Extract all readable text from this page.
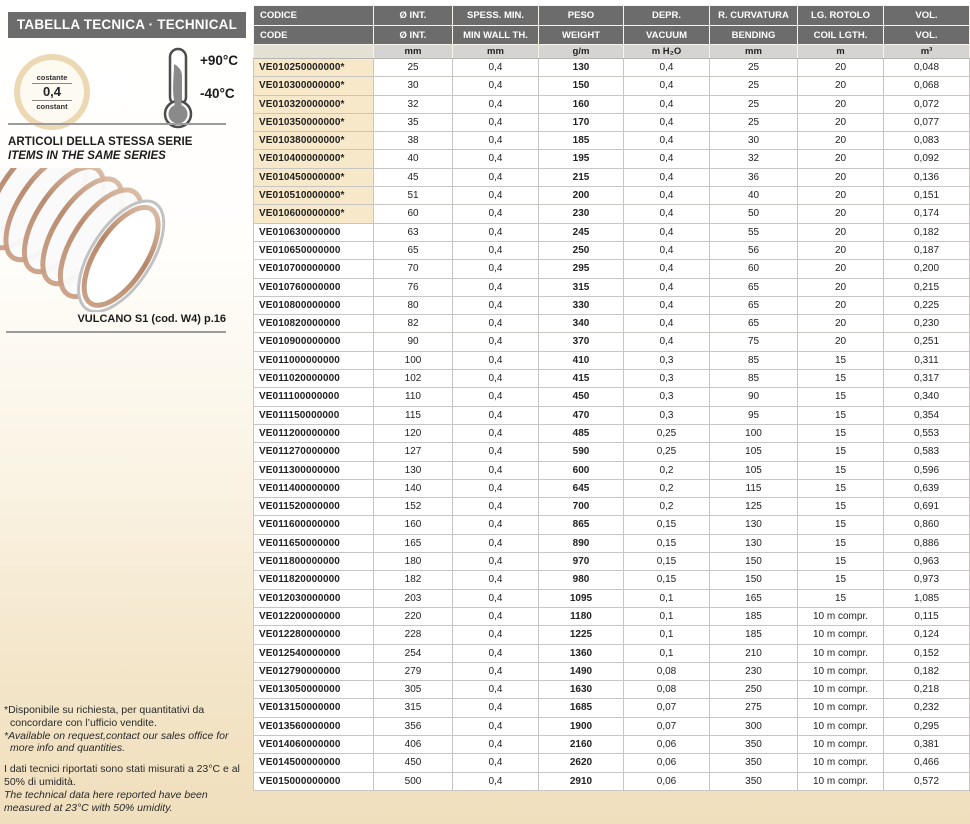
TABELLA TECNICA · TECHNICAL DATA
costante
0,4
constant
+90°C
-40°C
ARTICOLI DELLA STESSA SERIE
ITEMS IN THE SAME SERIES
VULCANO S1 (cod. W4) p.16

*Disponibile su richiesta, per quantitativi da concordare con l’ufficio vendite.

*Available on request,contact our sales office for more info and quantities.

I dati tecnici riportati sono stati misurati a 23°C e al 50% di umidità.

The technical data here reported have been measured at 23°C with 50% umidity.

CODICE	Ø INT.	SPESS. MIN.	PESO	DEPR.	R. CURVATURA	LG. ROTOLO	VOL.
CODE	Ø INT.	MIN WALL TH.	WEIGHT	VACUUM	BENDING	COIL LGTH.	VOL.
	mm	mm	g/m	m H₂O	mm	m	m³
VE010250000000*	25	0,4	130	0,4	25	20	0,048
VE010300000000*	30	0,4	150	0,4	25	20	0,068
VE010320000000*	32	0,4	160	0,4	25	20	0,072
VE010350000000*	35	0,4	170	0,4	25	20	0,077
VE010380000000*	38	0,4	185	0,4	30	20	0,083
VE010400000000*	40	0,4	195	0,4	32	20	0,092
VE010450000000*	45	0,4	215	0,4	36	20	0,136
VE010510000000*	51	0,4	200	0,4	40	20	0,151
VE010600000000*	60	0,4	230	0,4	50	20	0,174
VE010630000000	63	0,4	245	0,4	55	20	0,182
VE010650000000	65	0,4	250	0,4	56	20	0,187
VE010700000000	70	0,4	295	0,4	60	20	0,200
VE010760000000	76	0,4	315	0,4	65	20	0,215
VE010800000000	80	0,4	330	0,4	65	20	0,225
VE010820000000	82	0,4	340	0,4	65	20	0,230
VE010900000000	90	0,4	370	0,4	75	20	0,251
VE011000000000	100	0,4	410	0,3	85	15	0,311
VE011020000000	102	0,4	415	0,3	85	15	0,317
VE011100000000	110	0,4	450	0,3	90	15	0,340
VE011150000000	115	0,4	470	0,3	95	15	0,354
VE011200000000	120	0,4	485	0,25	100	15	0,553
VE011270000000	127	0,4	590	0,25	105	15	0,583
VE011300000000	130	0,4	600	0,2	105	15	0,596
VE011400000000	140	0,4	645	0,2	115	15	0,639
VE011520000000	152	0,4	700	0,2	125	15	0,691
VE011600000000	160	0,4	865	0,15	130	15	0,860
VE011650000000	165	0,4	890	0,15	130	15	0,886
VE011800000000	180	0,4	970	0,15	150	15	0,963
VE011820000000	182	0,4	980	0,15	150	15	0,973
VE012030000000	203	0,4	1095	0,1	165	15	1,085
VE012200000000	220	0,4	1180	0,1	185	10 m compr.	0,115
VE012280000000	228	0,4	1225	0,1	185	10 m compr.	0,124
VE012540000000	254	0,4	1360	0,1	210	10 m compr.	0,152
VE012790000000	279	0,4	1490	0,08	230	10 m compr.	0,182
VE013050000000	305	0,4	1630	0,08	250	10 m compr.	0,218
VE013150000000	315	0,4	1685	0,07	275	10 m compr.	0,232
VE013560000000	356	0,4	1900	0,07	300	10 m compr.	0,295
VE014060000000	406	0,4	2160	0,06	350	10 m compr.	0,381
VE014500000000	450	0,4	2620	0,06	350	10 m compr.	0,466
VE015000000000	500	0,4	2910	0,06	350	10 m compr.	0,572
